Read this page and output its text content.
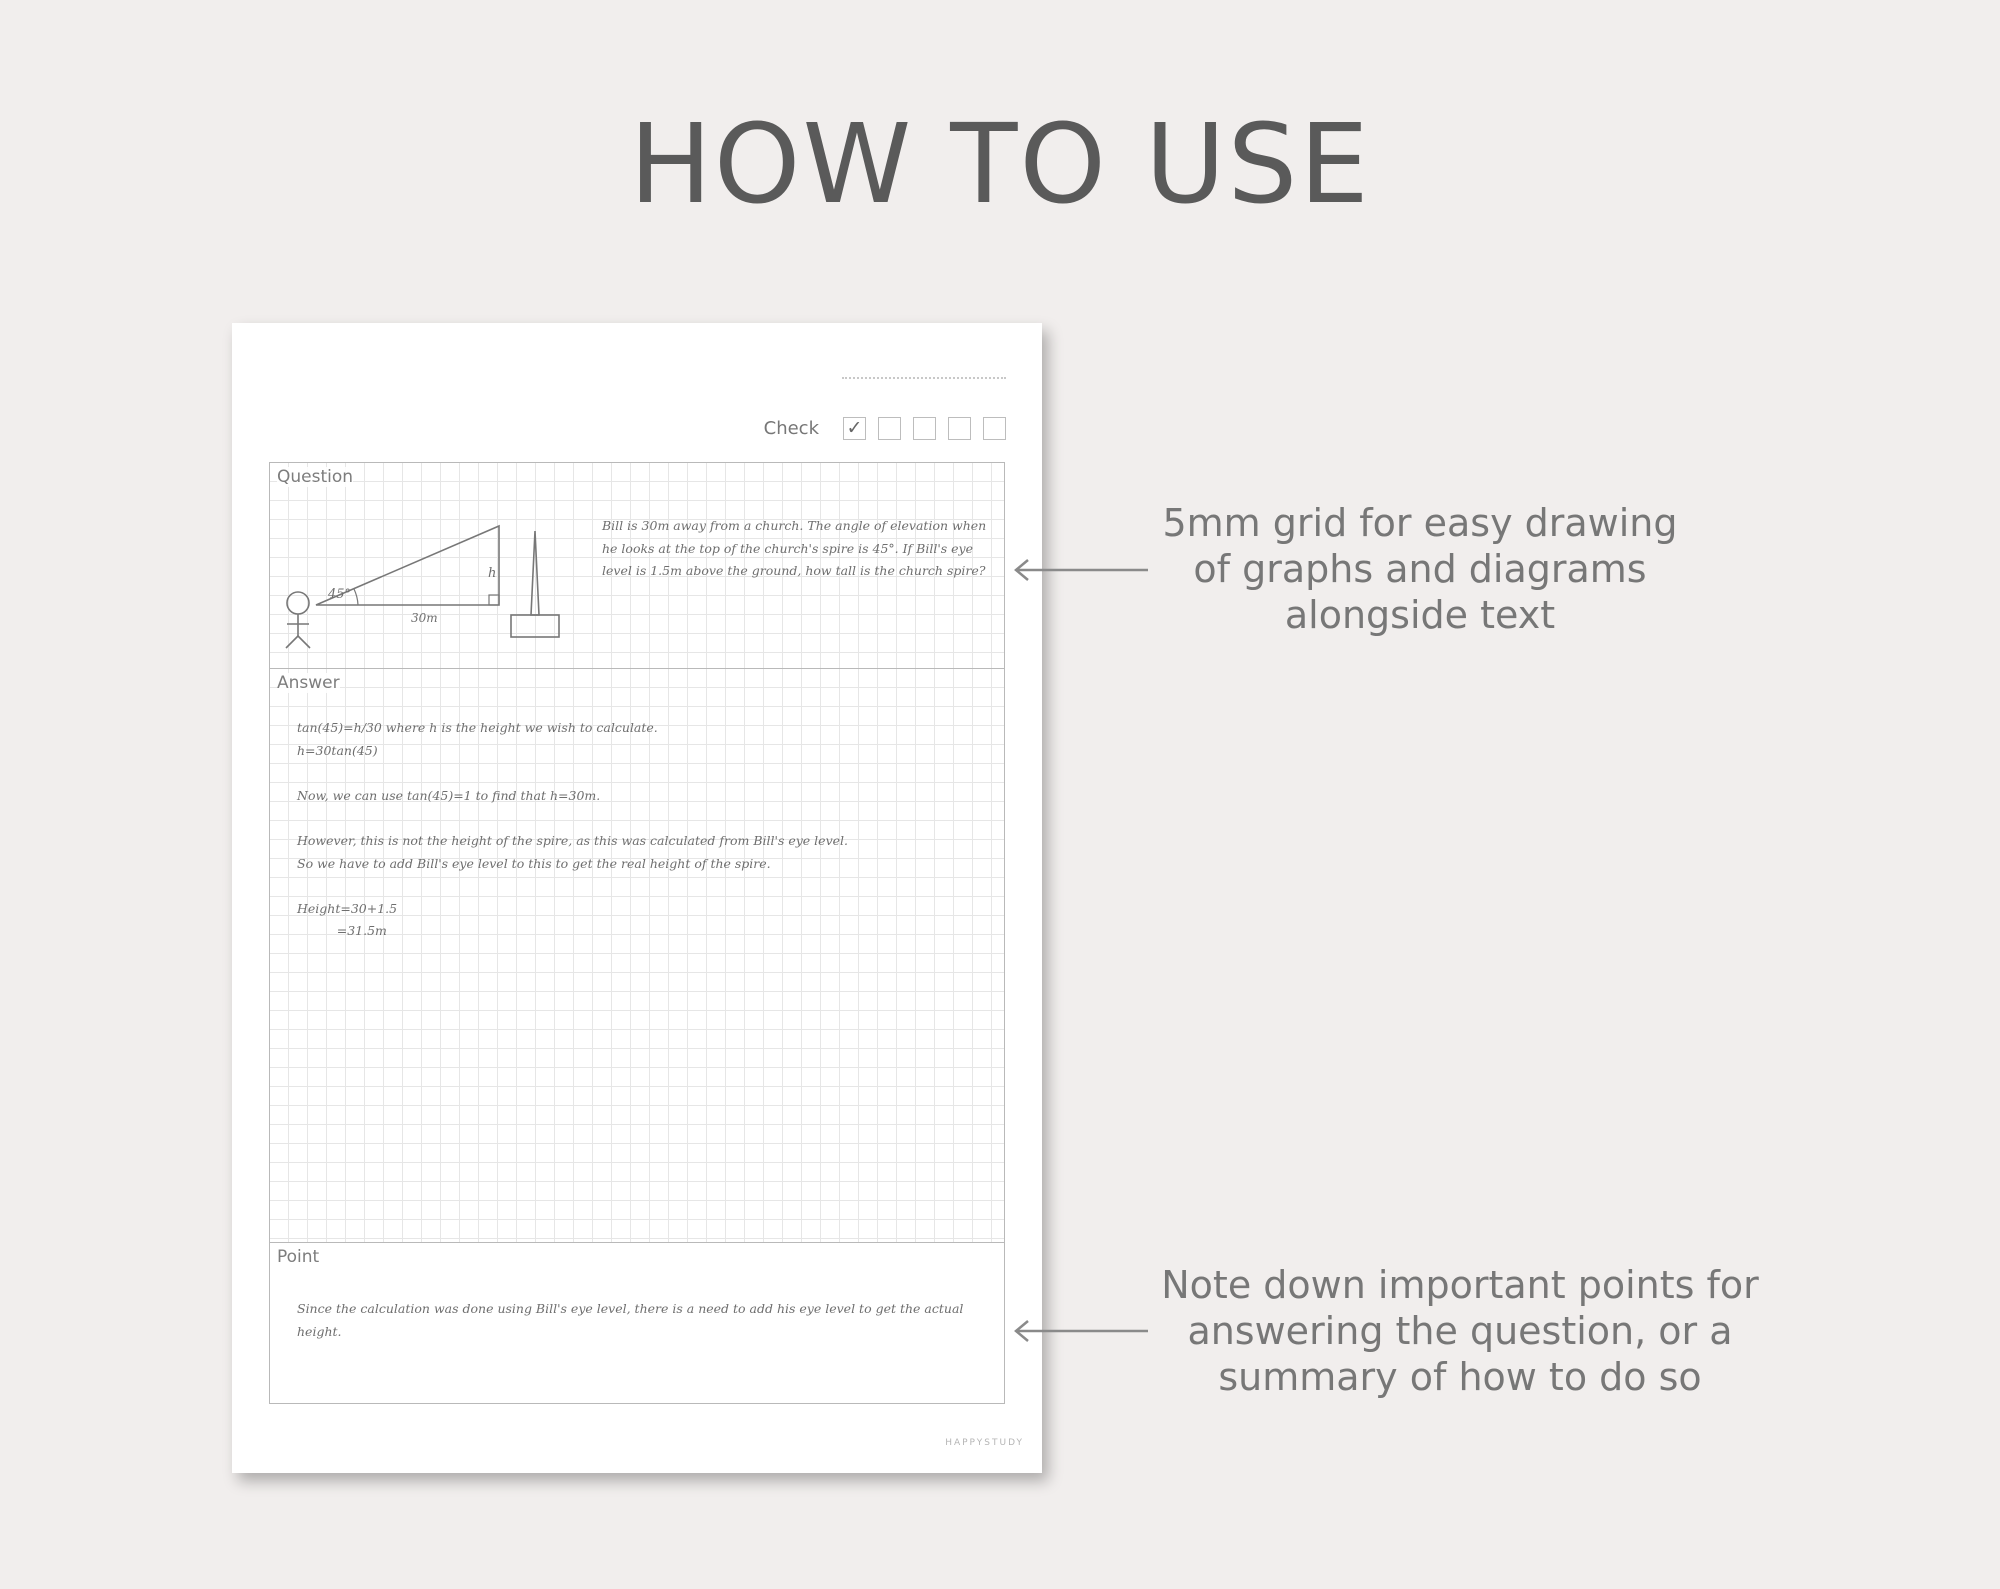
HOW TO USE
Check ✓
Question
45°
h
30m
Bill is 30m away from a church. The angle of elevation when he looks at the top of the church's spire is 45°. If Bill's eye level is 1.5m above the ground, how tall is the church spire?
Answer
tan(45)=h/30 where h is the height we wish to calculate.
h=30tan(45)
Now, we can use tan(45)=1 to find that h=30m.
However, this is not the height of the spire, as this was calculated from Bill's eye level.
So we have to add Bill's eye level to this to get the real height of the spire.
Height=30+1.5
=31.5m
Point
Since the calculation was done using Bill's eye level, there is a need to add his eye level to get the actual height.
HAPPYSTUDY

5mm grid for easy drawing
of graphs and diagrams
alongside text

Note down important points for
answering the question, or a
summary of how to do so
